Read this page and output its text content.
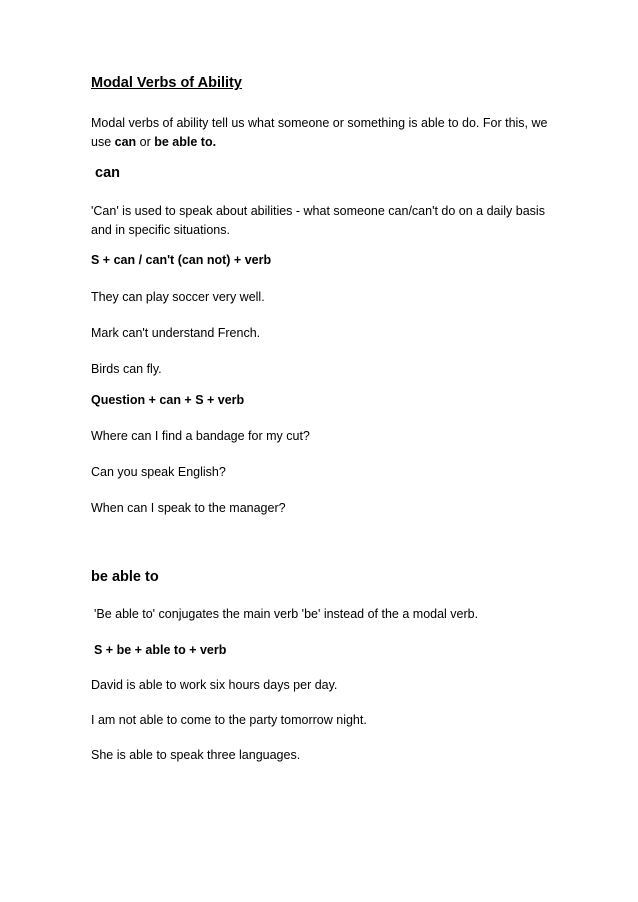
Modal Verbs of Ability

Modal verbs of ability tell us what someone or something is able to do. For this, we use can or be able to.

can

'Can' is used to speak about abilities - what someone can/can't do on a daily basis and in specific situations.

S + can / can't (can not) + verb

They can play soccer very well.

Mark can't understand French.

Birds can fly.

Question + can + S + verb

Where can I find a bandage for my cut?

Can you speak English?

When can I speak to the manager?

be able to

'Be able to' conjugates the main verb 'be' instead of the a modal verb.

S + be + able to + verb

David is able to work six hours days per day.

I am not able to come to the party tomorrow night.

She is able to speak three languages.
